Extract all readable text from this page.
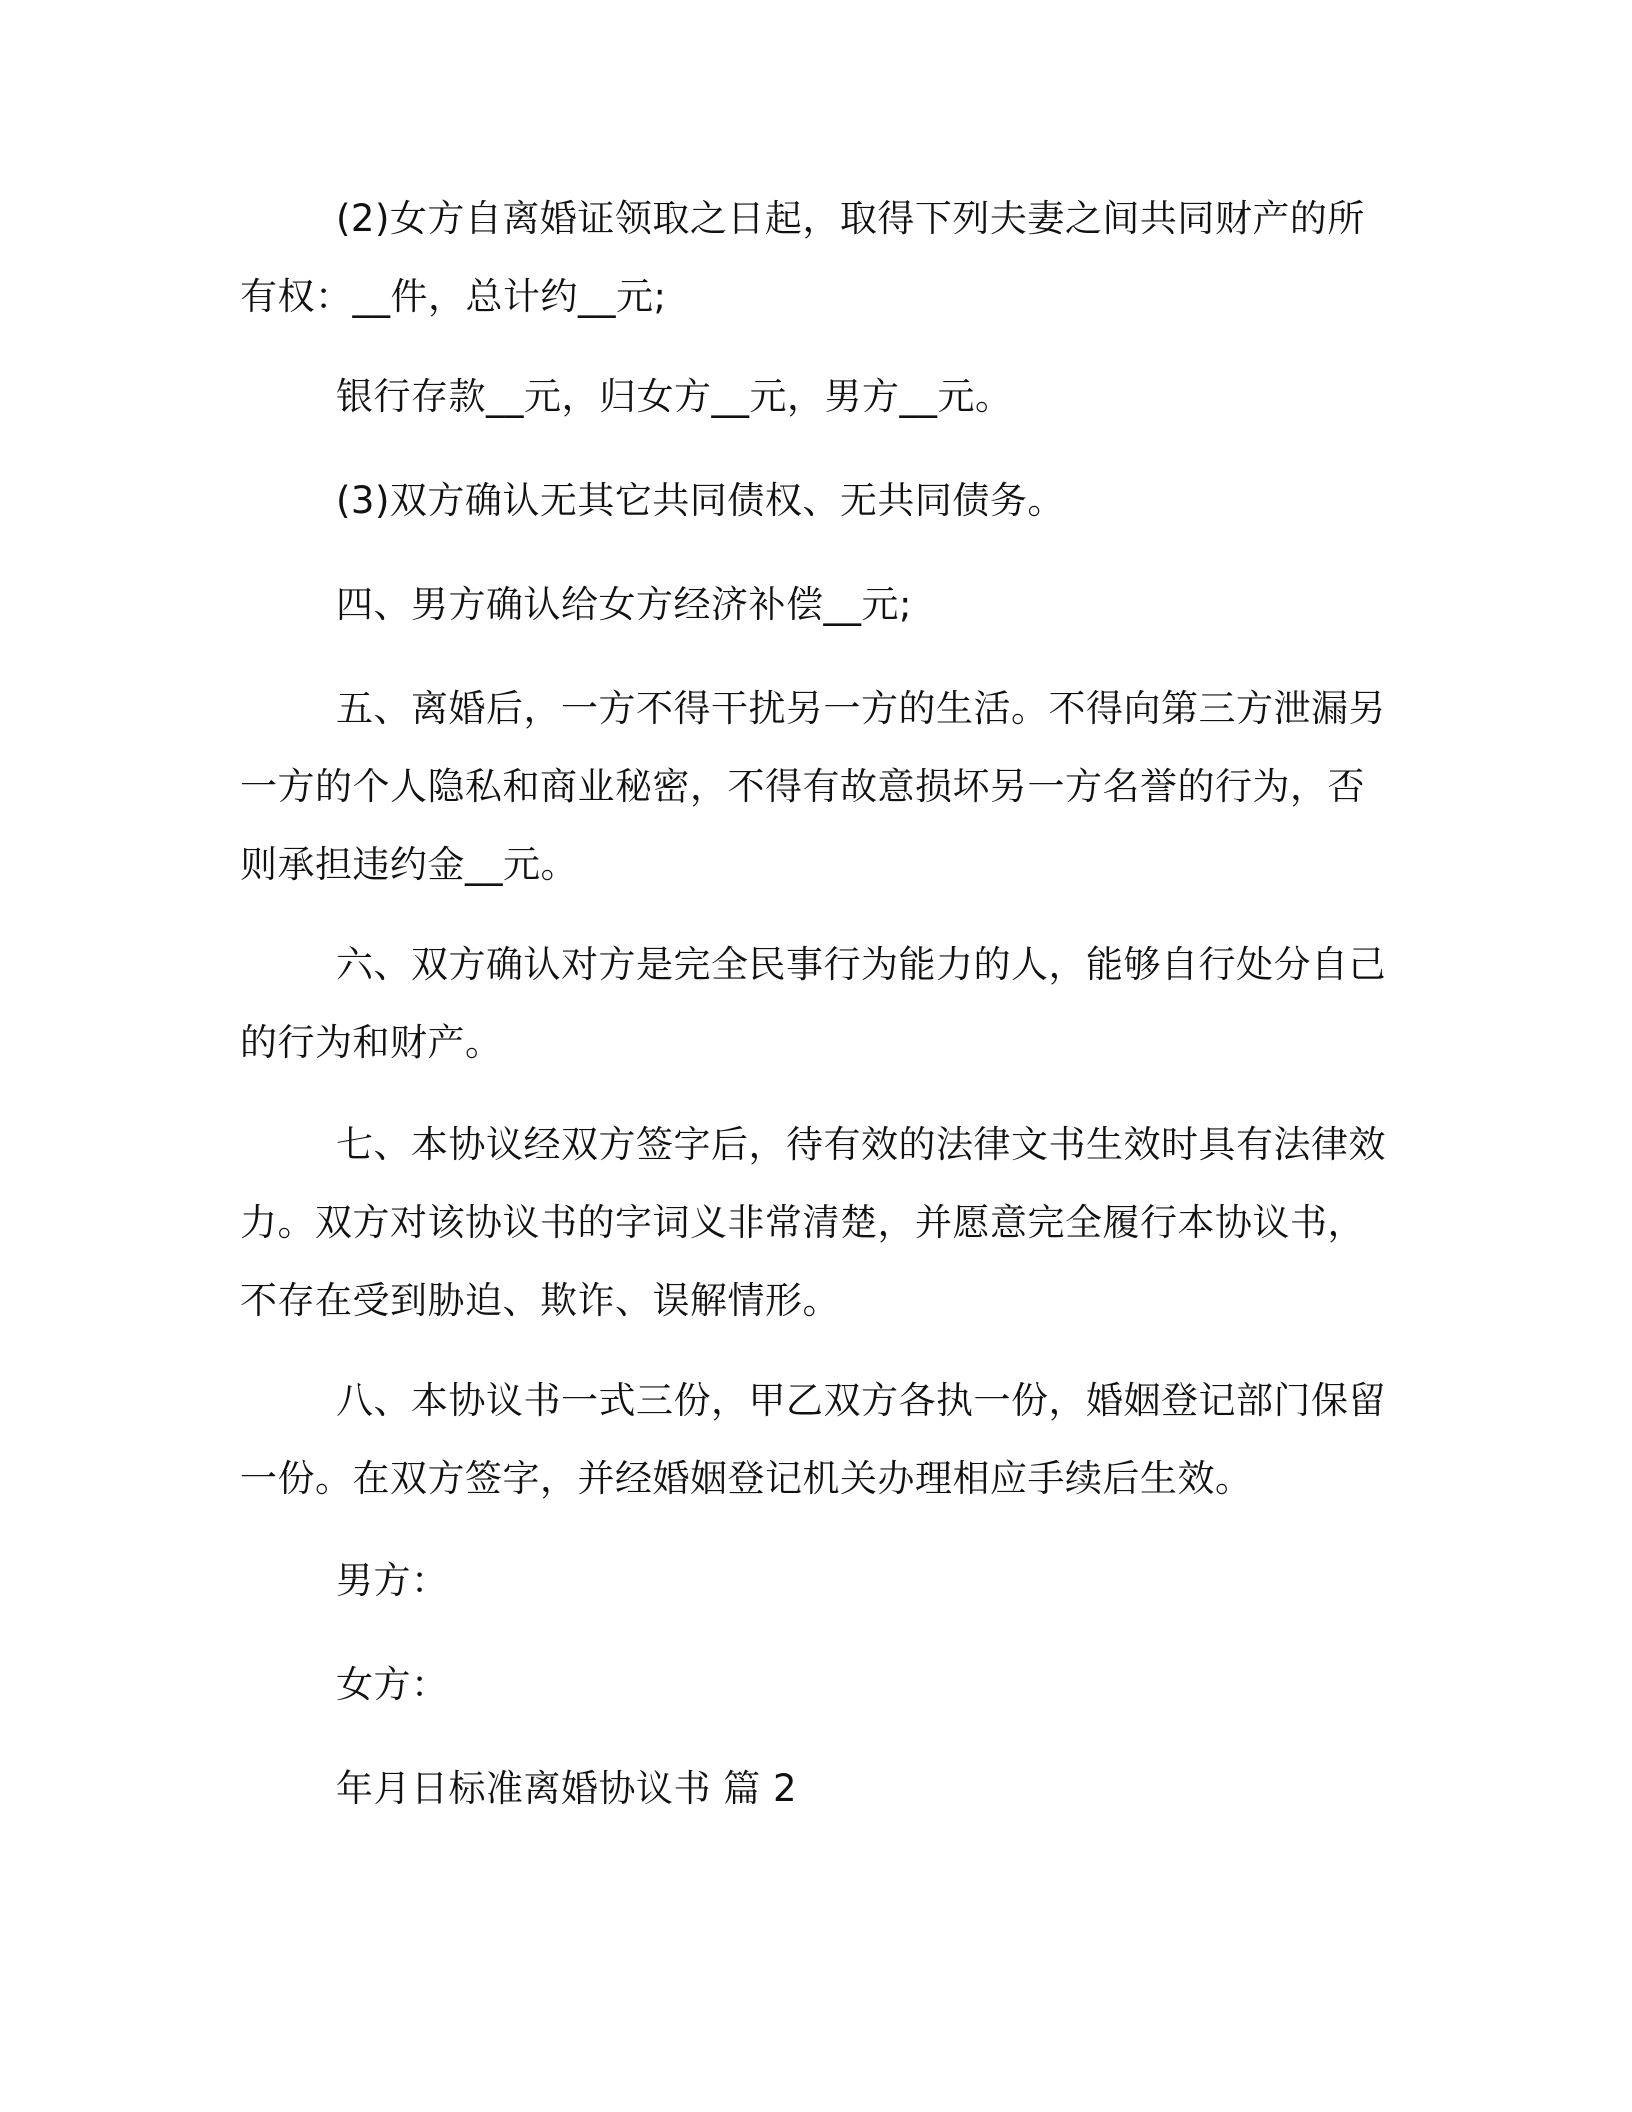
(2)女方自离婚证领取之日起，取得下列夫妻之间共同财产的所
有权：__件，总计约__元;
银行存款__元，归女方__元，男方__元。
(3)双方确认无其它共同债权、无共同债务。
四、男方确认给女方经济补偿__元;
五、离婚后，一方不得干扰另一方的生活。不得向第三方泄漏另
一方的个人隐私和商业秘密，不得有故意损坏另一方名誉的行为，否
则承担违约金__元。
六、双方确认对方是完全民事行为能力的人，能够自行处分自己
的行为和财产。
七、本协议经双方签字后，待有效的法律文书生效时具有法律效
力。双方对该协议书的字词义非常清楚，并愿意完全履行本协议书，
不存在受到胁迫、欺诈、误解情形。
八、本协议书一式三份，甲乙双方各执一份，婚姻登记部门保留
一份。在双方签字，并经婚姻登记机关办理相应手续后生效。
男方：
女方：
年月日标准离婚协议书 篇 2
